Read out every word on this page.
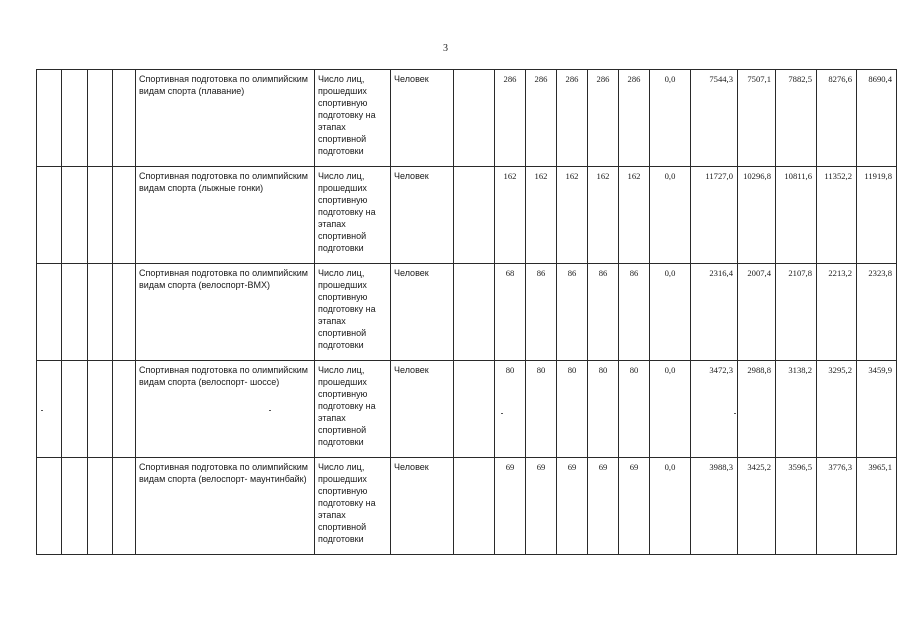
3
				Спортивная подготовка по олимпийским видам спорта (плавание)	Число лиц, прошедших спортивную подготовку на этапах спортивной подготовки	Человек		286	286	286	286	286	0,0	7544,3	7507,1	7882,5	8276,6	8690,4
				Спортивная подготовка по олимпийским видам спорта (лыжные гонки)	Число лиц, прошедших спортивную подготовку на этапах спортивной подготовки	Человек		162	162	162	162	162	0,0	11727,0	10296,8	10811,6	11352,2	11919,8
				Спортивная подготовка по олимпийским видам спорта (велоспорт-BMX)	Число лиц, прошедших спортивную подготовку на этапах спортивной подготовки	Человек		68	86	86	86	86	0,0	2316,4	2007,4	2107,8	2213,2	2323,8
				Спортивная подготовка по олимпийским видам спорта (велоспорт- шоссе)	Число лиц, прошедших спортивную подготовку на этапах спортивной подготовки	Человек		80	80	80	80	80	0,0	3472,3	2988,8	3138,2	3295,2	3459,9
				Спортивная подготовка по олимпийским видам спорта (велоспорт- маунтинбайк)	Число лиц, прошедших спортивную подготовку на этапах спортивной подготовки	Человек		69	69	69	69	69	0,0	3988,3	3425,2	3596,5	3776,3	3965,1
